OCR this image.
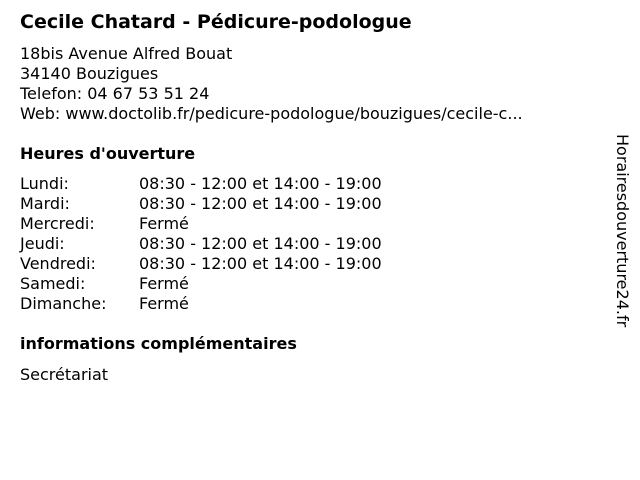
Cecile Chatard - Pédicure-podologue
18bis Avenue Alfred Bouat
34140 Bouzigues
Telefon: 04 67 53 51 24
Web: www.doctolib.fr/pedicure-podologue/bouzigues/cecile-c...
Heures d'ouverture
Lundi:	08:30 - 12:00 et 14:00 - 19:00
Mardi:	08:30 - 12:00 et 14:00 - 19:00
Mercredi:	Fermé
Jeudi:	08:30 - 12:00 et 14:00 - 19:00
Vendredi:	08:30 - 12:00 et 14:00 - 19:00
Samedi:	Fermé
Dimanche: Fermé
informations complémentaires
Secrétariat
Horairesdouverture24.fr
